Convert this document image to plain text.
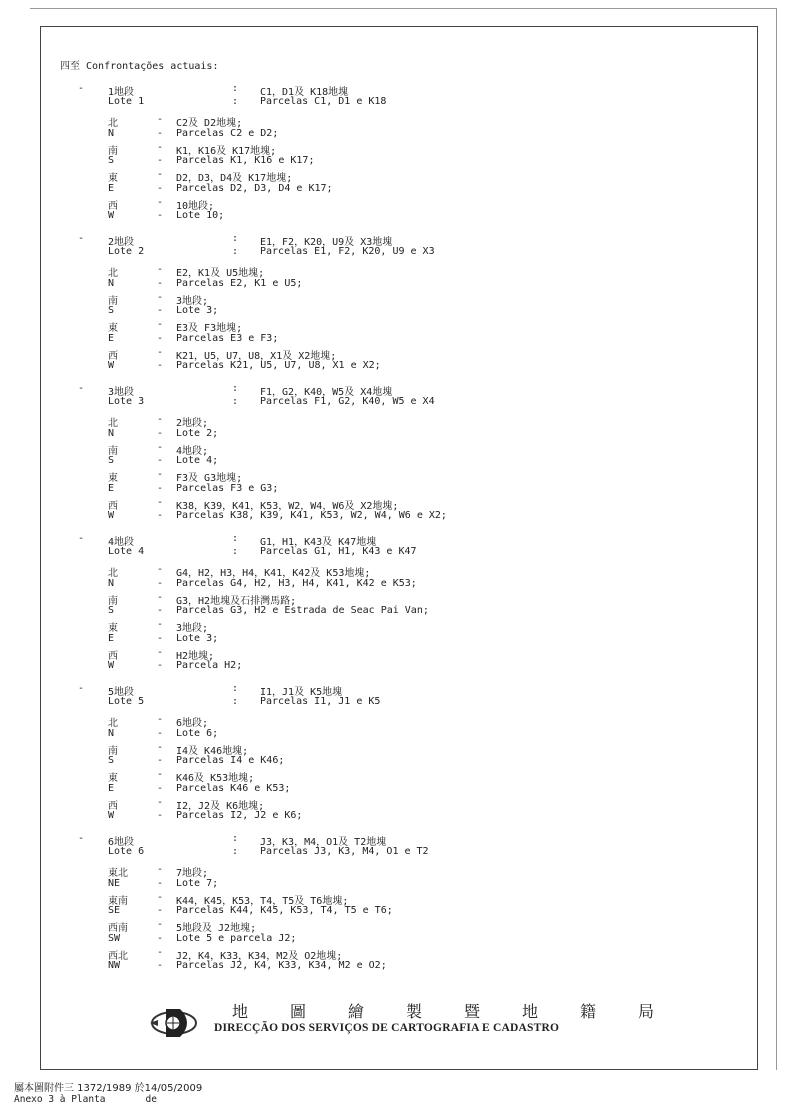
四至 Confrontações actuais:
- 1地段	: C1，D1及 K18地塊
Lote 1	: Parcelas C1, D1 e K18
北	- C2及 D2地塊;
N	- Parcelas C2 e D2;
南	- K1，K16及 K17地塊;
S	- Parcelas K1, K16 e K17;
東	- D2，D3，D4及 K17地塊;
E	- Parcelas D2, D3, D4 e K17;
西	- 10地段;
W	- Lote 10;
- 2地段	: E1，F2，K20，U9及 X3地塊
Lote 2	: Parcelas E1, F2, K20, U9 e X3
北	- E2，K1及 U5地塊;
N	- Parcelas E2, K1 e U5;
南	- 3地段;
S	- Lote 3;
東	- E3及 F3地塊;
E	- Parcelas E3 e F3;
西	- K21，U5，U7，U8，X1及 X2地塊;
W	- Parcelas K21, U5, U7, U8, X1 e X2;
- 3地段	: F1，G2，K40，W5及 X4地塊
Lote 3	: Parcelas F1, G2, K40, W5 e X4
北	- 2地段;
N	- Lote 2;
南	- 4地段;
S	- Lote 4;
東	- F3及 G3地塊;
E	- Parcelas F3 e G3;
西	- K38，K39，K41，K53，W2，W4，W6及 X2地塊;
W	- Parcelas K38, K39, K41, K53, W2, W4, W6 e X2;
- 4地段	: G1，H1，K43及 K47地塊
Lote 4	: Parcelas G1, H1, K43 e K47
北	- G4，H2，H3，H4，K41，K42及 K53地塊;
N	- Parcelas G4, H2, H3, H4, K41, K42 e K53;
南	- G3，H2地塊及石排灣馬路;
S	- Parcelas G3, H2 e Estrada de Seac Pai Van;
東	- 3地段;
E	- Lote 3;
西	- H2地塊;
W	- Parcela H2;
- 5地段	: I1，J1及 K5地塊
Lote 5	: Parcelas I1, J1 e K5
北	- 6地段;
N	- Lote 6;
南	- I4及 K46地塊;
S	- Parcelas I4 e K46;
東	- K46及 K53地塊;
E	- Parcelas K46 e K53;
西	- I2，J2及 K6地塊;
W	- Parcelas I2, J2 e K6;
- 6地段	: J3，K3，M4，O1及 T2地塊
Lote 6	: Parcelas J3, K3, M4, O1 e T2
東北	- 7地段;
NE	- Lote 7;
東南	- K44，K45，K53，T4，T5及 T6地塊;
SE	- Parcelas K44, K45, K53, T4, T5 e T6;
西南	- 5地段及 J2地塊;
SW	- Lote 5 e parcela J2;
西北	- J2，K4，K33，K34，M2及 O2地塊;
NW	- Parcelas J2, K4, K33, K34, M2 e O2;
地圖繪製暨地籍局
DIRECÇÃO DOS SERVIÇOS DE CARTOGRAFIA E CADASTRO
屬本圖附件三 1372/1989 於14/05/2009
Anexo 3 à Planta       de
